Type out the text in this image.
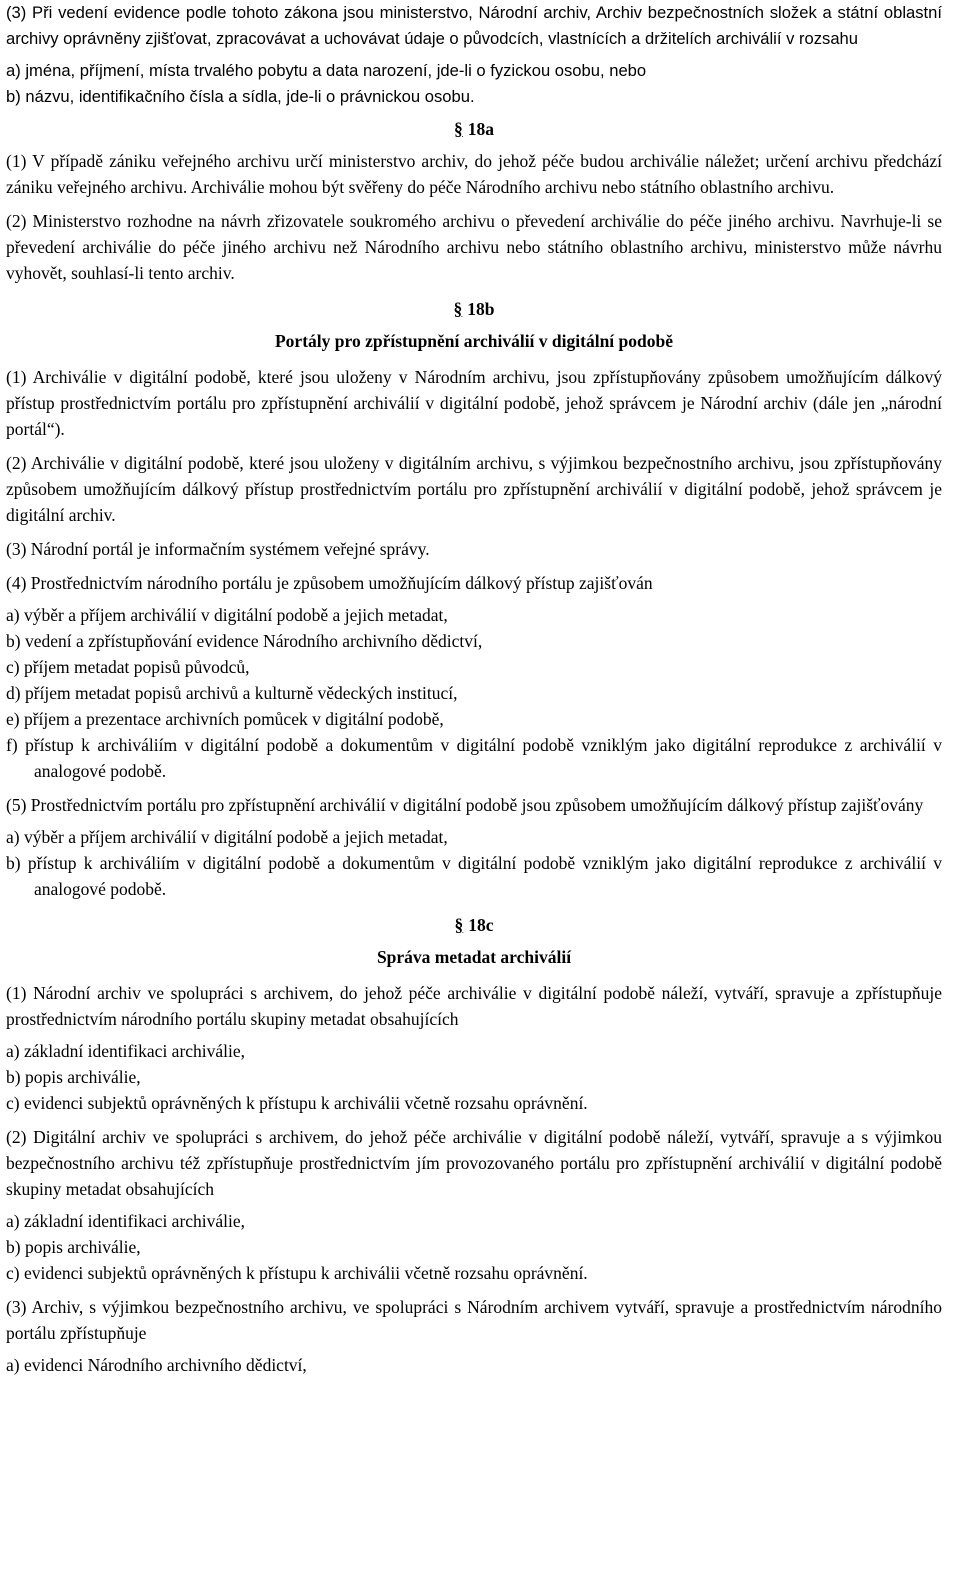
(3) Při vedení evidence podle tohoto zákona jsou ministerstvo, Národní archiv, Archiv bezpečnostních složek a státní oblastní archivy oprávněny zjišťovat, zpracovávat a uchovávat údaje o původcích, vlastnících a držitelích archiválií v rozsahu

a) jména, příjmení, místa trvalého pobytu a data narození, jde-li o fyzickou osobu, nebo

b) názvu, identifikačního čísla a sídla, jde-li o právnickou osobu.

§ 18a

(1) V případě zániku veřejného archivu určí ministerstvo archiv, do jehož péče budou archiválie náležet; určení archivu předchází zániku veřejného archivu. Archiválie mohou být svěřeny do péče Národního archivu nebo státního oblastního archivu.

(2) Ministerstvo rozhodne na návrh zřizovatele soukromého archivu o převedení archiválie do péče jiného archivu. Navrhuje-li se převedení archiválie do péče jiného archivu než Národního archivu nebo státního oblastního archivu, ministerstvo může návrhu vyhovět, souhlasí-li tento archiv.

§ 18b
Portály pro zpřístupnění archiválií v digitální podobě

(1) Archiválie v digitální podobě, které jsou uloženy v Národním archivu, jsou zpřístupňovány způsobem umožňujícím dálkový přístup prostřednictvím portálu pro zpřístupnění archiválií v digitální podobě, jehož správcem je Národní archiv (dále jen „národní portál“).

(2) Archiválie v digitální podobě, které jsou uloženy v digitálním archivu, s výjimkou bezpečnostního archivu, jsou zpřístupňovány způsobem umožňujícím dálkový přístup prostřednictvím portálu pro zpřístupnění archiválií v digitální podobě, jehož správcem je digitální archiv.

(3) Národní portál je informačním systémem veřejné správy.

(4) Prostřednictvím národního portálu je způsobem umožňujícím dálkový přístup zajišťován

a) výběr a příjem archiválií v digitální podobě a jejich metadat,

b) vedení a zpřístupňování evidence Národního archivního dědictví,

c) příjem metadat popisů původců,

d) příjem metadat popisů archivů a kulturně vědeckých institucí,

e) příjem a prezentace archivních pomůcek v digitální podobě,

f) přístup k archiváliím v digitální podobě a dokumentům v digitální podobě vzniklým jako digitální reprodukce z archiválií v analogové podobě.

(5) Prostřednictvím portálu pro zpřístupnění archiválií v digitální podobě jsou způsobem umožňujícím dálkový přístup zajišťovány

a) výběr a příjem archiválií v digitální podobě a jejich metadat,

b) přístup k archiváliím v digitální podobě a dokumentům v digitální podobě vzniklým jako digitální reprodukce z archiválií v analogové podobě.

§ 18c
Správa metadat archiválií

(1) Národní archiv ve spolupráci s archivem, do jehož péče archiválie v digitální podobě náleží, vytváří, spravuje a zpřístupňuje prostřednictvím národního portálu skupiny metadat obsahujících

a) základní identifikaci archiválie,

b) popis archiválie,

c) evidenci subjektů oprávněných k přístupu k archiválii včetně rozsahu oprávnění.

(2) Digitální archiv ve spolupráci s archivem, do jehož péče archiválie v digitální podobě náleží, vytváří, spravuje a s výjimkou bezpečnostního archivu též zpřístupňuje prostřednictvím jím provozovaného portálu pro zpřístupnění archiválií v digitální podobě skupiny metadat obsahujících

a) základní identifikaci archiválie,

b) popis archiválie,

c) evidenci subjektů oprávněných k přístupu k archiválii včetně rozsahu oprávnění.

(3) Archiv, s výjimkou bezpečnostního archivu, ve spolupráci s Národním archivem vytváří, spravuje a prostřednictvím národního portálu zpřístupňuje

a) evidenci Národního archivního dědictví,
